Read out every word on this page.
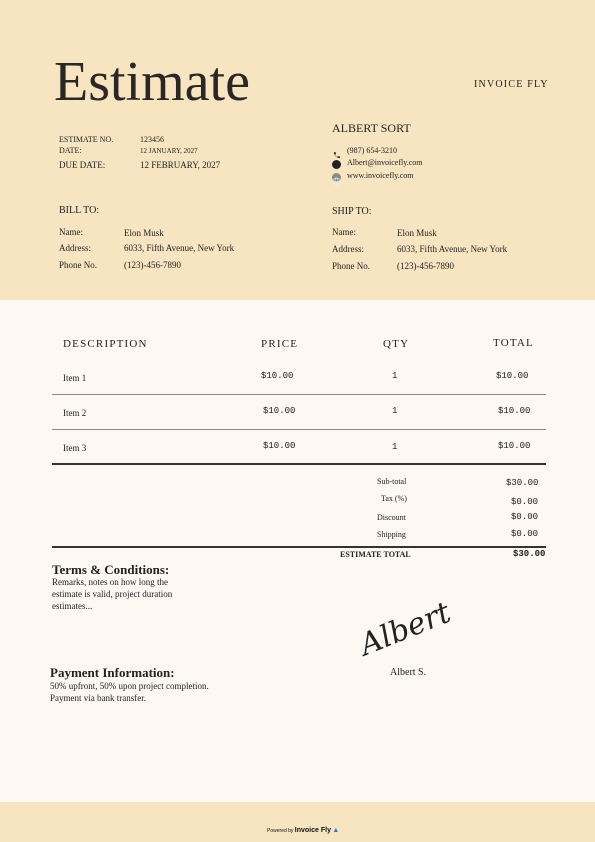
Estimate	INVOICE FLY
ESTIMATE NO.	123456
DATE:	12 JANUARY, 2027
DUE DATE:	12 FEBRUARY, 2027
ALBERT SORT
(987) 654-3210
Albert@invoicefly.com
www.invoicefly.com
BILL TO:
Name:	Elon Musk
Address:	6033, Fifth Avenue, New York
Phone No.	(123)-456-7890
SHIP TO:
Name:	Elon Musk
Address:	6033, Fifth Avenue, New York
Phone No.	(123)-456-7890
DESCRIPTION	PRICE	QTY	TOTAL
Item 1	$10.00	1	$10.00
Item 2	$10.00	1	$10.00
Item 3	$10.00	1	$10.00
Sub-total	$30.00
Tax (%)	$0.00
Discount	$0.00
Shipping	$0.00
ESTIMATE TOTAL	$30.00
Terms & Conditions:
Remarks, notes on how long the
estimate is valid, project duration
estimates...
Payment Information:
50% upfront, 50% upon project completion.
Payment via bank transfer.
Albert
Albert S.
Powered by Invoice Fly ▲
